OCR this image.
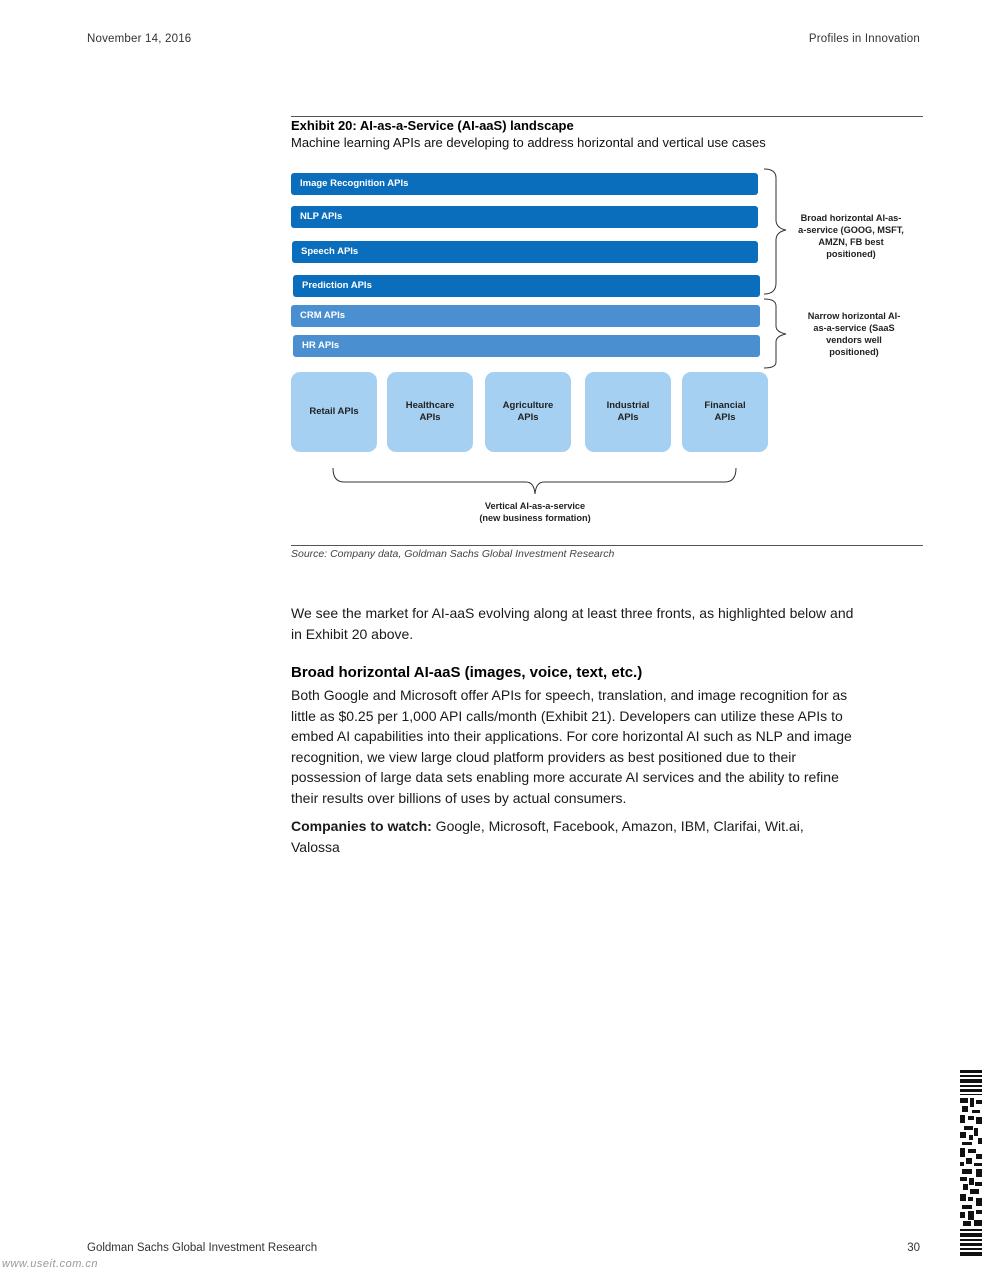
November 14, 2016	Profiles in Innovation
Exhibit 20: AI-as-a-Service (AI-aaS) landscape
Machine learning APIs are developing to address horizontal and vertical use cases
Image Recognition APIs
NLP APIs
Speech APIs
Prediction APIs
CRM APIs
HR APIs
Retail APIs
Healthcare
APIs
Agriculture
APIs
Industrial
APIs
Financial
APIs
Broad horizontal AI-as-
a-service (GOOG, MSFT,
AMZN, FB best
positioned)
Narrow horizontal AI-
as-a-service (SaaS
vendors well
positioned)
Vertical AI-as-a-service
(new business formation)
Source: Company data, Goldman Sachs Global Investment Research
We see the market for AI-aaS evolving along at least three fronts, as highlighted below and
in Exhibit 20 above.
Broad horizontal AI-aaS (images, voice, text, etc.)
Both Google and Microsoft offer APIs for speech, translation, and image recognition for as
little as $0.25 per 1,000 API calls/month (Exhibit 21). Developers can utilize these APIs to
embed AI capabilities into their applications. For core horizontal AI such as NLP and image
recognition, we view large cloud platform providers as best positioned due to their
possession of large data sets enabling more accurate AI services and the ability to refine
their results over billions of uses by actual consumers.
Companies to watch: Google, Microsoft, Facebook, Amazon, IBM, Clarifai, Wit.ai,
Valossa
Goldman Sachs Global Investment Research	30
www.useit.com.cn
